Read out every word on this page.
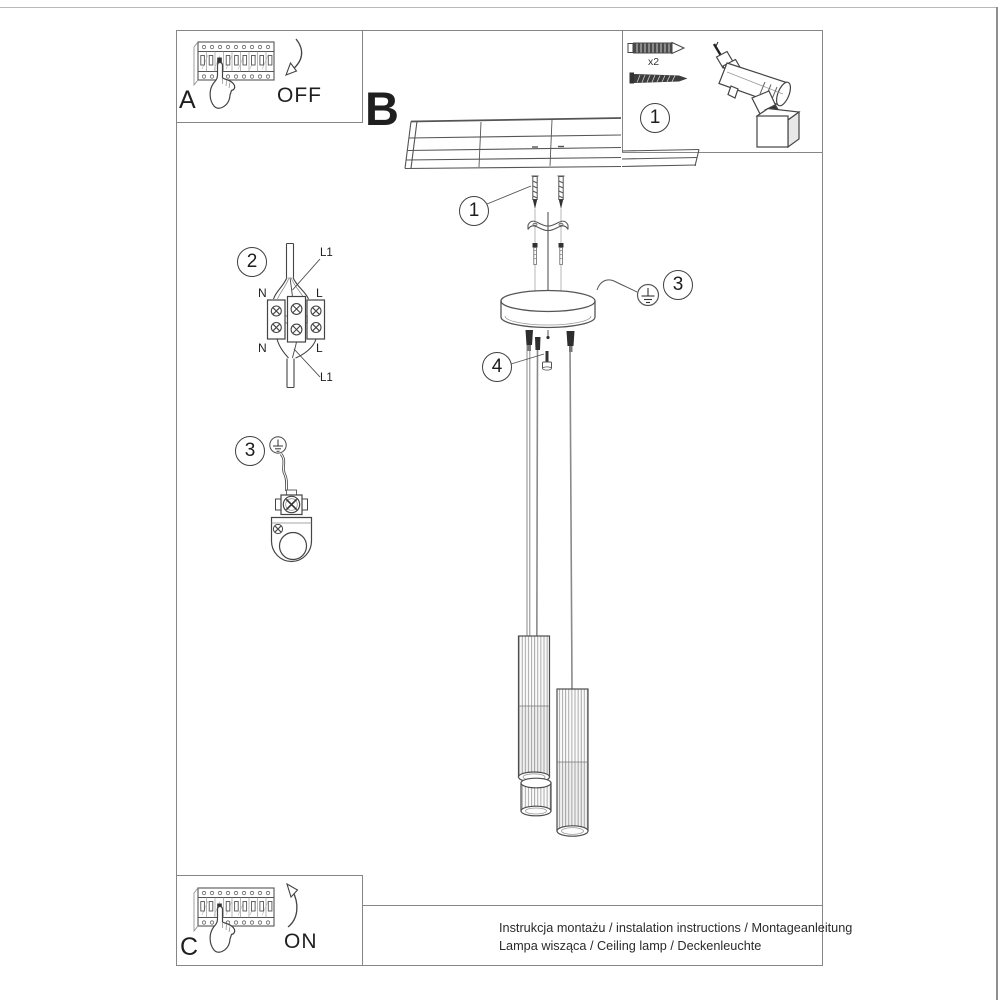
A	B
C
OFF
ON
x2
1
1
2
3
3
4
L1
N	L
N	L
L1
Instrukcja montażu / instalation instructions / Montageanleitung
Lampa wisząca / Ceiling lamp / Deckenleuchte
